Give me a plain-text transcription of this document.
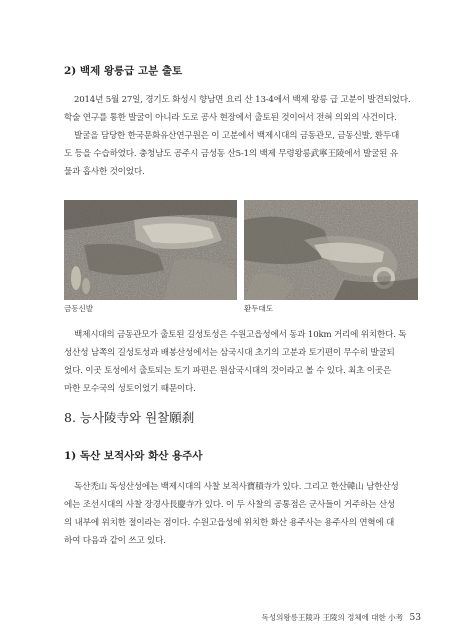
2) 백제 왕릉급 고분 출토
2014년 5월 27일, 경기도 화성시 향남면 요리 산 13-4에서 백제 왕릉 급 고분이 발견되었다.
학술 연구를 통한 발굴이 아니라 도로 공사 현장에서 출토된 것이어서 전혀 의외의 사건이다.
발굴을 담당한 한국문화유산연구원은 이 고분에서 백제시대의 금동관모, 금동신발, 환두대
도 등을 수습하였다. 충청남도 공주시 금성동 산5-1의 백제 무령왕릉武寧王陵에서 발굴된 유
물과 흡사한 것이었다.
금동신발	환두대도
백제시대의 금동관모가 출토된 길성토성은 수원고읍성에서 동과 10km 거리에 위치한다. 독
성산성 남쪽의 길성토성과 배봉산성에서는 삼국시대 초기의 고분과 토기편이 무수히 발굴되
었다. 이곳 토성에서 출토되는 토기 파편은 원삼국시대의 것이라고 볼 수 있다. 최초 이곳은
마한 모수국의 성토이었기 때문이다.
8. 능사陵寺와 원찰願刹
1) 독산 보적사와 화산 용주사
독산禿山 독성산성에는 백제시대의 사찰 보적사寶積寺가 있다. 그리고 한산韓山 남한산성
에는 조선시대의 사찰 장경사長慶寺가 있다. 이 두 사찰의 공통점은 군사들이 거주하는 산성
의 내부에 위치한 절이라는 점이다. 수원고읍성에 위치한 화산 용주사는 용주사의 연혁에 대
하여 다음과 같이 쓰고 있다.
독성의왕릉王陵과 王陵의 정체에 대한 小考 53
